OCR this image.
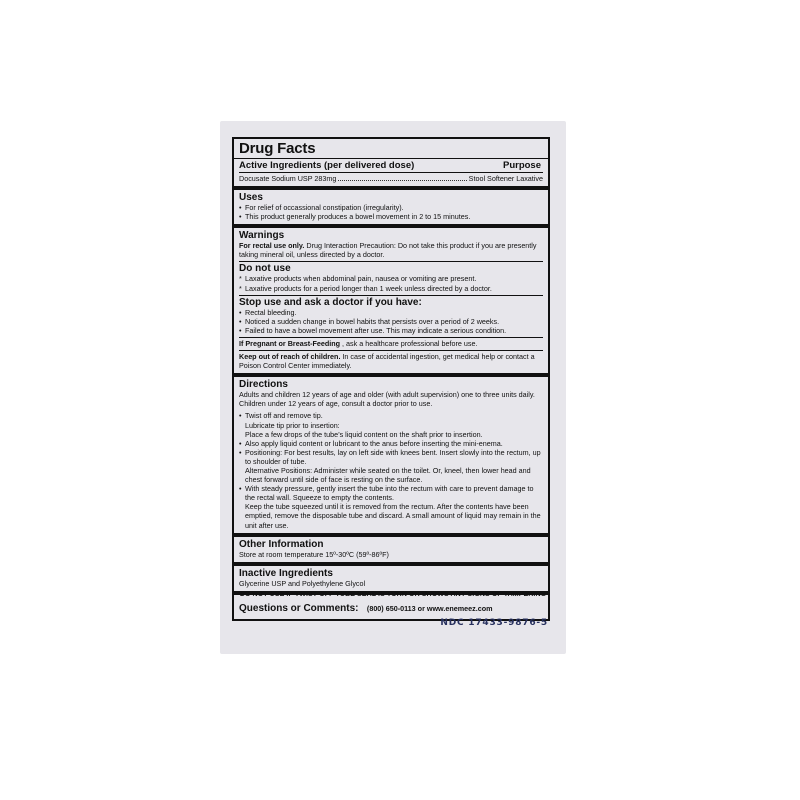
Drug Facts
Active Ingredients (per delivered dose)	Purpose
Docusate Sodium USP 283mg	Stool Softener Laxative
Uses
• For relief of occassional constipation (irregularity).
• This product generally produces a bowel movement in 2 to 15 minutes.
Warnings
For rectal use only. Drug Interaction Precaution: Do not take this product if you are presently taking mineral oil, unless directed by a doctor.
Do not use
* Laxative products when abdominal pain, nausea or vomiting are present.
* Laxative products for a period longer than 1 week unless directed by a doctor.
Stop use and ask a doctor if you have:
• Rectal bleeding.
• Noticed a sudden change in bowel habits that persists over a period of 2 weeks.
• Failed to have a bowel movement after use. This may indicate a serious condition.
If Pregnant or Breast-Feeding , ask a healthcare professional before use.
Keep out of reach of children. In case of accidental ingestion, get medical help or contact a Poison Control Center immediately.
Directions
Adults and children 12 years of age and older (with adult supervision) one to three units daily. Children under 12 years of age, consult a doctor prior to use.
• Twist off and remove tip.
Lubricate tip prior to insertion:
Place a few drops of the tube’s liquid content on the shaft prior to insertion.
• Also apply liquid content or lubricant to the anus before inserting the mini-enema.
• Positioning: For best results, lay on left side with knees bent. Insert slowly into the rectum, up to shoulder of tube.
Alternative Positions: Administer while seated on the toilet. Or, kneel, then lower head and chest forward until side of face is resting on the surface.
• With steady pressure, gently insert the tube into the rectum with care to prevent damage to the rectal wall. Squeeze to empty the contents.
Keep the tube squeezed until it is removed from the rectum. After the contents have been emptied, remove the disposable tube and discard. A small amount of liquid may remain in the unit after use.
Other Information
Store at room temperature 15º-30ºC (59º-86ºF)
Inactive Ingredients
Glycerine USP and Polyethylene Glycol
Questions or Comments: (800) 650-0113 or www.enemeez.com
DO NOT USE IF TWIST OFF TUBE SEAL IS TORN OR SHOWS ANY SIGNS OF TAMPERING
NDC 17433-9876-5
